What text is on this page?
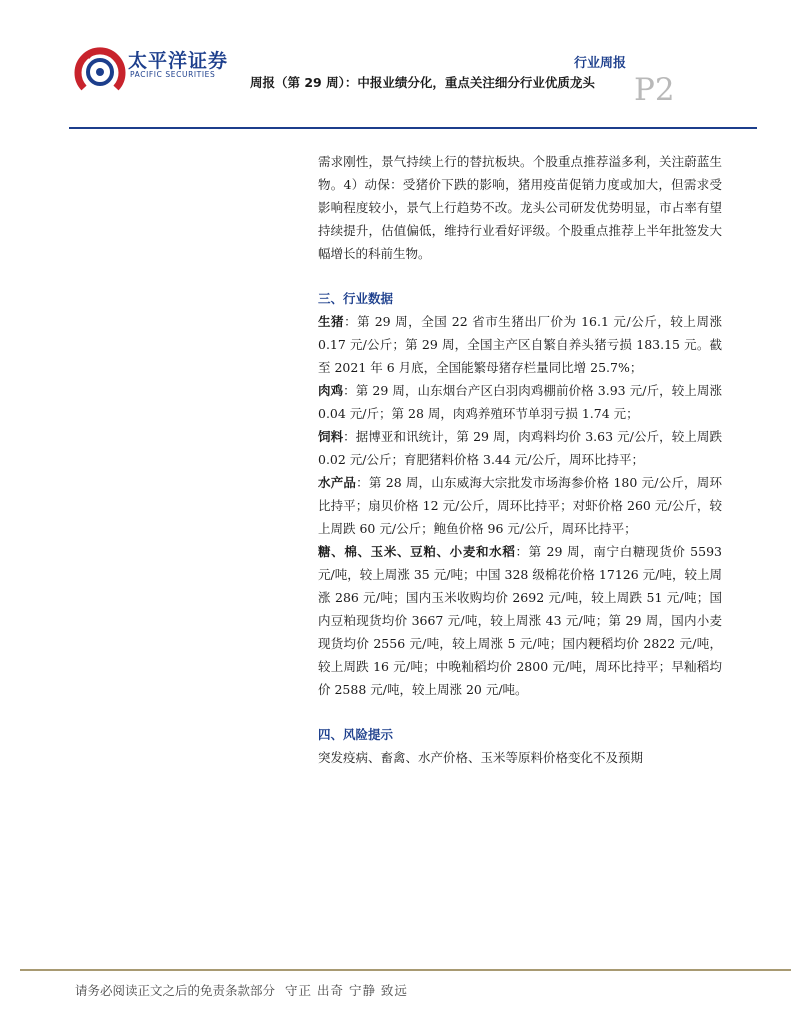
太平洋证券
PACIFIC SECURITIES
行业周报
周报（第 29 周）：中报业绩分化，重点关注细分行业优质龙头 P2

需求刚性，景气持续上行的替抗板块。个股重点推荐溢多利，关注蔚蓝生物。4）动保：受猪价下跌的影响，猪用疫苗促销力度或加大，但需求受影响程度较小，景气上行趋势不改。龙头公司研发优势明显，市占率有望持续提升，估值偏低，维持行业看好评级。个股重点推荐上半年批签发大幅增长的科前生物。

三、行业数据

生猪：第 29 周，全国 22 省市生猪出厂价为 16.1 元/公斤，较上周涨 0.17 元/公斤；第 29 周，全国主产区自繁自养头猪亏损 183.15 元。截至 2021 年 6 月底，全国能繁母猪存栏量同比增 25.7%；

肉鸡：第 29 周，山东烟台产区白羽肉鸡棚前价格 3.93 元/斤，较上周涨 0.04 元/斤；第 28 周，肉鸡养殖环节单羽亏损 1.74 元；

饲料：据博亚和讯统计，第 29 周，肉鸡料均价 3.63 元/公斤，较上周跌 0.02 元/公斤；育肥猪料价格 3.44 元/公斤，周环比持平；

水产品：第 28 周，山东威海大宗批发市场海参价格 180 元/公斤，周环比持平；扇贝价格 12 元/公斤，周环比持平；对虾价格 260 元/公斤，较上周跌 60 元/公斤；鲍鱼价格 96 元/公斤，周环比持平；

糖、棉、玉米、豆粕、小麦和水稻：第 29 周，南宁白糖现货价 5593 元/吨，较上周涨 35 元/吨；中国 328 级棉花价格 17126 元/吨，较上周涨 286 元/吨；国内玉米收购均价 2692 元/吨，较上周跌 51 元/吨；国内豆粕现货均价 3667 元/吨，较上周涨 43 元/吨；第 29 周，国内小麦现货均价 2556 元/吨，较上周涨 5 元/吨；国内粳稻均价 2822 元/吨，较上周跌 16 元/吨；中晚籼稻均价 2800 元/吨，周环比持平；早籼稻均价 2588 元/吨，较上周涨 20 元/吨。

四、风险提示

突发疫病、畜禽、水产价格、玉米等原料价格变化不及预期

请务必阅读正文之后的免责条款部分 守正 出奇 宁静 致远
